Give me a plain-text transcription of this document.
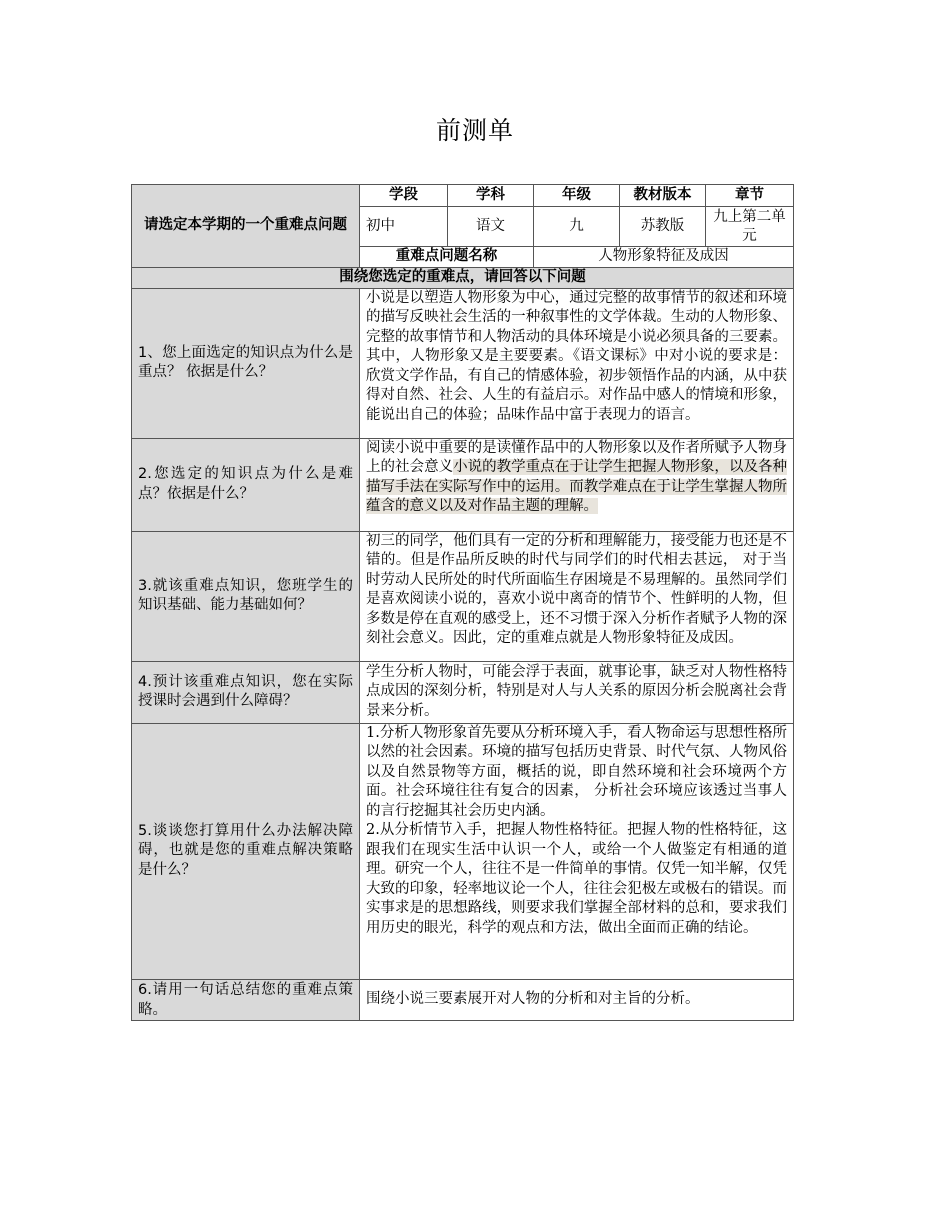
前测单
请选定本学期的一个重难点问题	学段	学科	年级	教材版本	章节
	初中	语文	九	苏教版	九上第二单元
	重难点问题名称		人物形象特征及成因		
围绕您选定的重难点，请回答以下问题					
1、您上面选定的知识点为什么是重点？ 依据是什么？	小说是以塑造人物形象为中心，通过完整的故事情节的叙述和环境的描写反映社会生活的一种叙事性的文学体裁。生动的人物形象、完整的故事情节和人物活动的具体环境是小说必须具备的三要素。其中，人物形象又是主要要素。《语文课标》中对小说的要求是：欣赏文学作品，有自己的情感体验，初步领悟作品的内涵，从中获得对自然、社会、人生的有益启示。对作品中感人的情境和形象，能说出自己的体验；品味作品中富于表现力的语言。				
2.您选定的知识点为什么是难点？依据是什么？	阅读小说中重要的是读懂作品中的人物形象以及作者所赋予人物身上的社会意义小说的教学重点在于让学生把握人物形象，以及各种描写手法在实际写作中的运用。而教学难点在于让学生掌握人物所蕴含的意义以及对作品主题的理解。				
3.就该重难点知识，您班学生的知识基础、能力基础如何？	初三的同学，他们具有一定的分析和理解能力，接受能力也还是不错的。但是作品所反映的时代与同学们的时代相去甚远， 对于当时劳动人民所处的时代所面临生存困境是不易理解的。虽然同学们是喜欢阅读小说的，喜欢小说中离奇的情节个、性鲜明的人物，但多数是停在直观的感受上，还不习惯于深入分析作者赋予人物的深刻社会意义。因此，定的重难点就是人物形象特征及成因。				
4.预计该重难点知识，您在实际授课时会遇到什么障碍？	学生分析人物时，可能会浮于表面，就事论事，缺乏对人物性格特点成因的深刻分析，特别是对人与人关系的原因分析会脱离社会背景来分析。				
5.谈谈您打算用什么办法解决障碍，也就是您的重难点解决策略是什么？	1.分析人物形象首先要从分析环境入手，看人物命运与思想性格所以然的社会因素。环境的描写包括历史背景、时代气氛、人物风俗以及自然景物等方面，概括的说，即自然环境和社会环境两个方面。社会环境往往有复合的因素， 分析社会环境应该透过当事人的言行挖掘其社会历史内涵。
2.从分析情节入手，把握人物性格特征。把握人物的性格特征，这跟我们在现实生活中认识一个人，或给一个人做鉴定有相通的道理。研究一个人，往往不是一件简单的事情。仅凭一知半解，仅凭大致的印象，轻率地议论一个人，往往会犯极左或极右的错误。而实事求是的思想路线，则要求我们掌握全部材料的总和，要求我们用历史的眼光，科学的观点和方法，做出全面而正确的结论。				

6.请用一句话总结您的重难点策略。	围绕小说三要素展开对人物的分析和对主旨的分析。				
